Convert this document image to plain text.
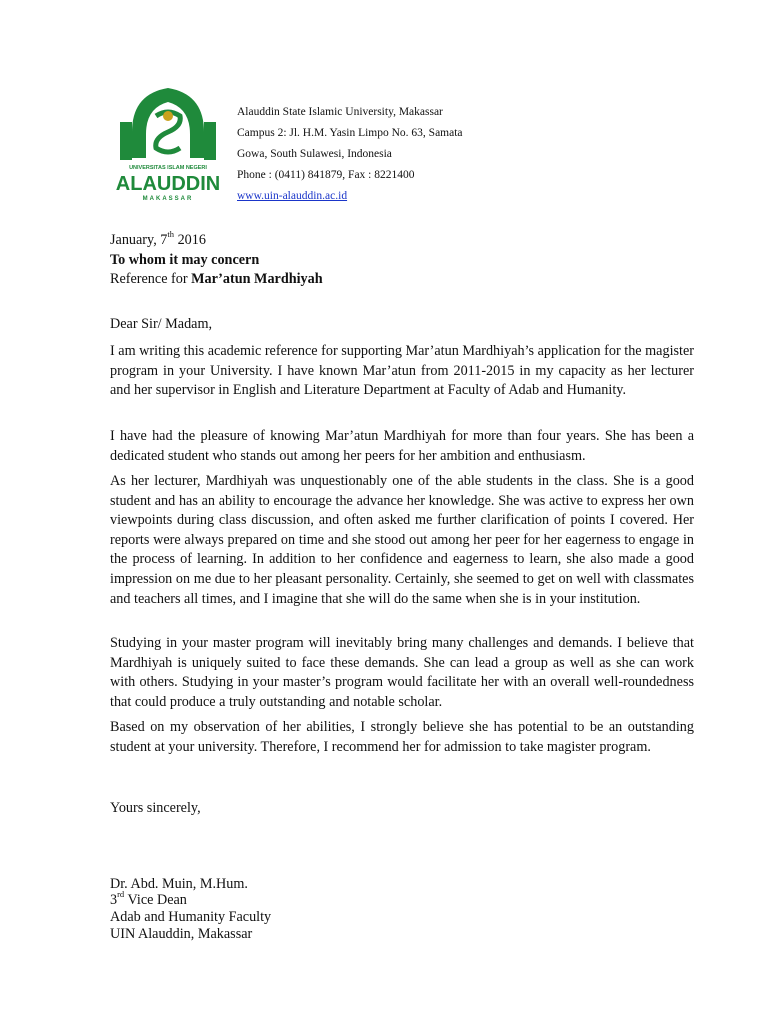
UNIVERSITAS ISLAM NEGERI
ALAUDDIN
MAKASSAR
Alauddin State Islamic University, Makassar
Campus 2: Jl. H.M. Yasin Limpo No. 63, Samata
Gowa, South Sulawesi, Indonesia
Phone : (0411) 841879, Fax : 8221400
www.uin-alauddin.ac.id
January, 7th 2016
To whom it may concern
Reference for Mar’atun Mardhiyah
Dear Sir/ Madam,

I am writing this academic reference for supporting Mar’atun Mardhiyah’s application for the magister program in your University. I have known Mar’atun from 2011-2015 in my capacity as her lecturer and her supervisor in English and Literature Department at Faculty of Adab and Humanity.

I have had the pleasure of knowing Mar’atun Mardhiyah for more than four years. She has been a dedicated student who stands out among her peers for her ambition and enthusiasm.

As her lecturer, Mardhiyah was unquestionably one of the able students in the class. She is a good student and has an ability to encourage the advance her knowledge. She was active to express her own viewpoints during class discussion, and often asked me further clarification of points I covered. Her reports were always prepared on time and she stood out among her peer for her eagerness to engage in the process of learning. In addition to her confidence and eagerness to learn, she also made a good impression on me due to her pleasant personality. Certainly, she seemed to get on well with classmates and teachers all times, and I imagine that she will do the same when she is in your institution.

Studying in your master program will inevitably bring many challenges and demands. I believe that Mardhiyah is uniquely suited to face these demands. She can lead a group as well as she can work with others. Studying in your master’s program would facilitate her with an overall well-roundedness that could produce a truly outstanding and notable scholar.

Based on my observation of her abilities, I strongly believe she has potential to be an outstanding student at your university. Therefore, I recommend her for admission to take magister program.

Yours sincerely,
Dr. Abd. Muin, M.Hum.
3rd Vice Dean
Adab and Humanity Faculty
UIN Alauddin, Makassar
